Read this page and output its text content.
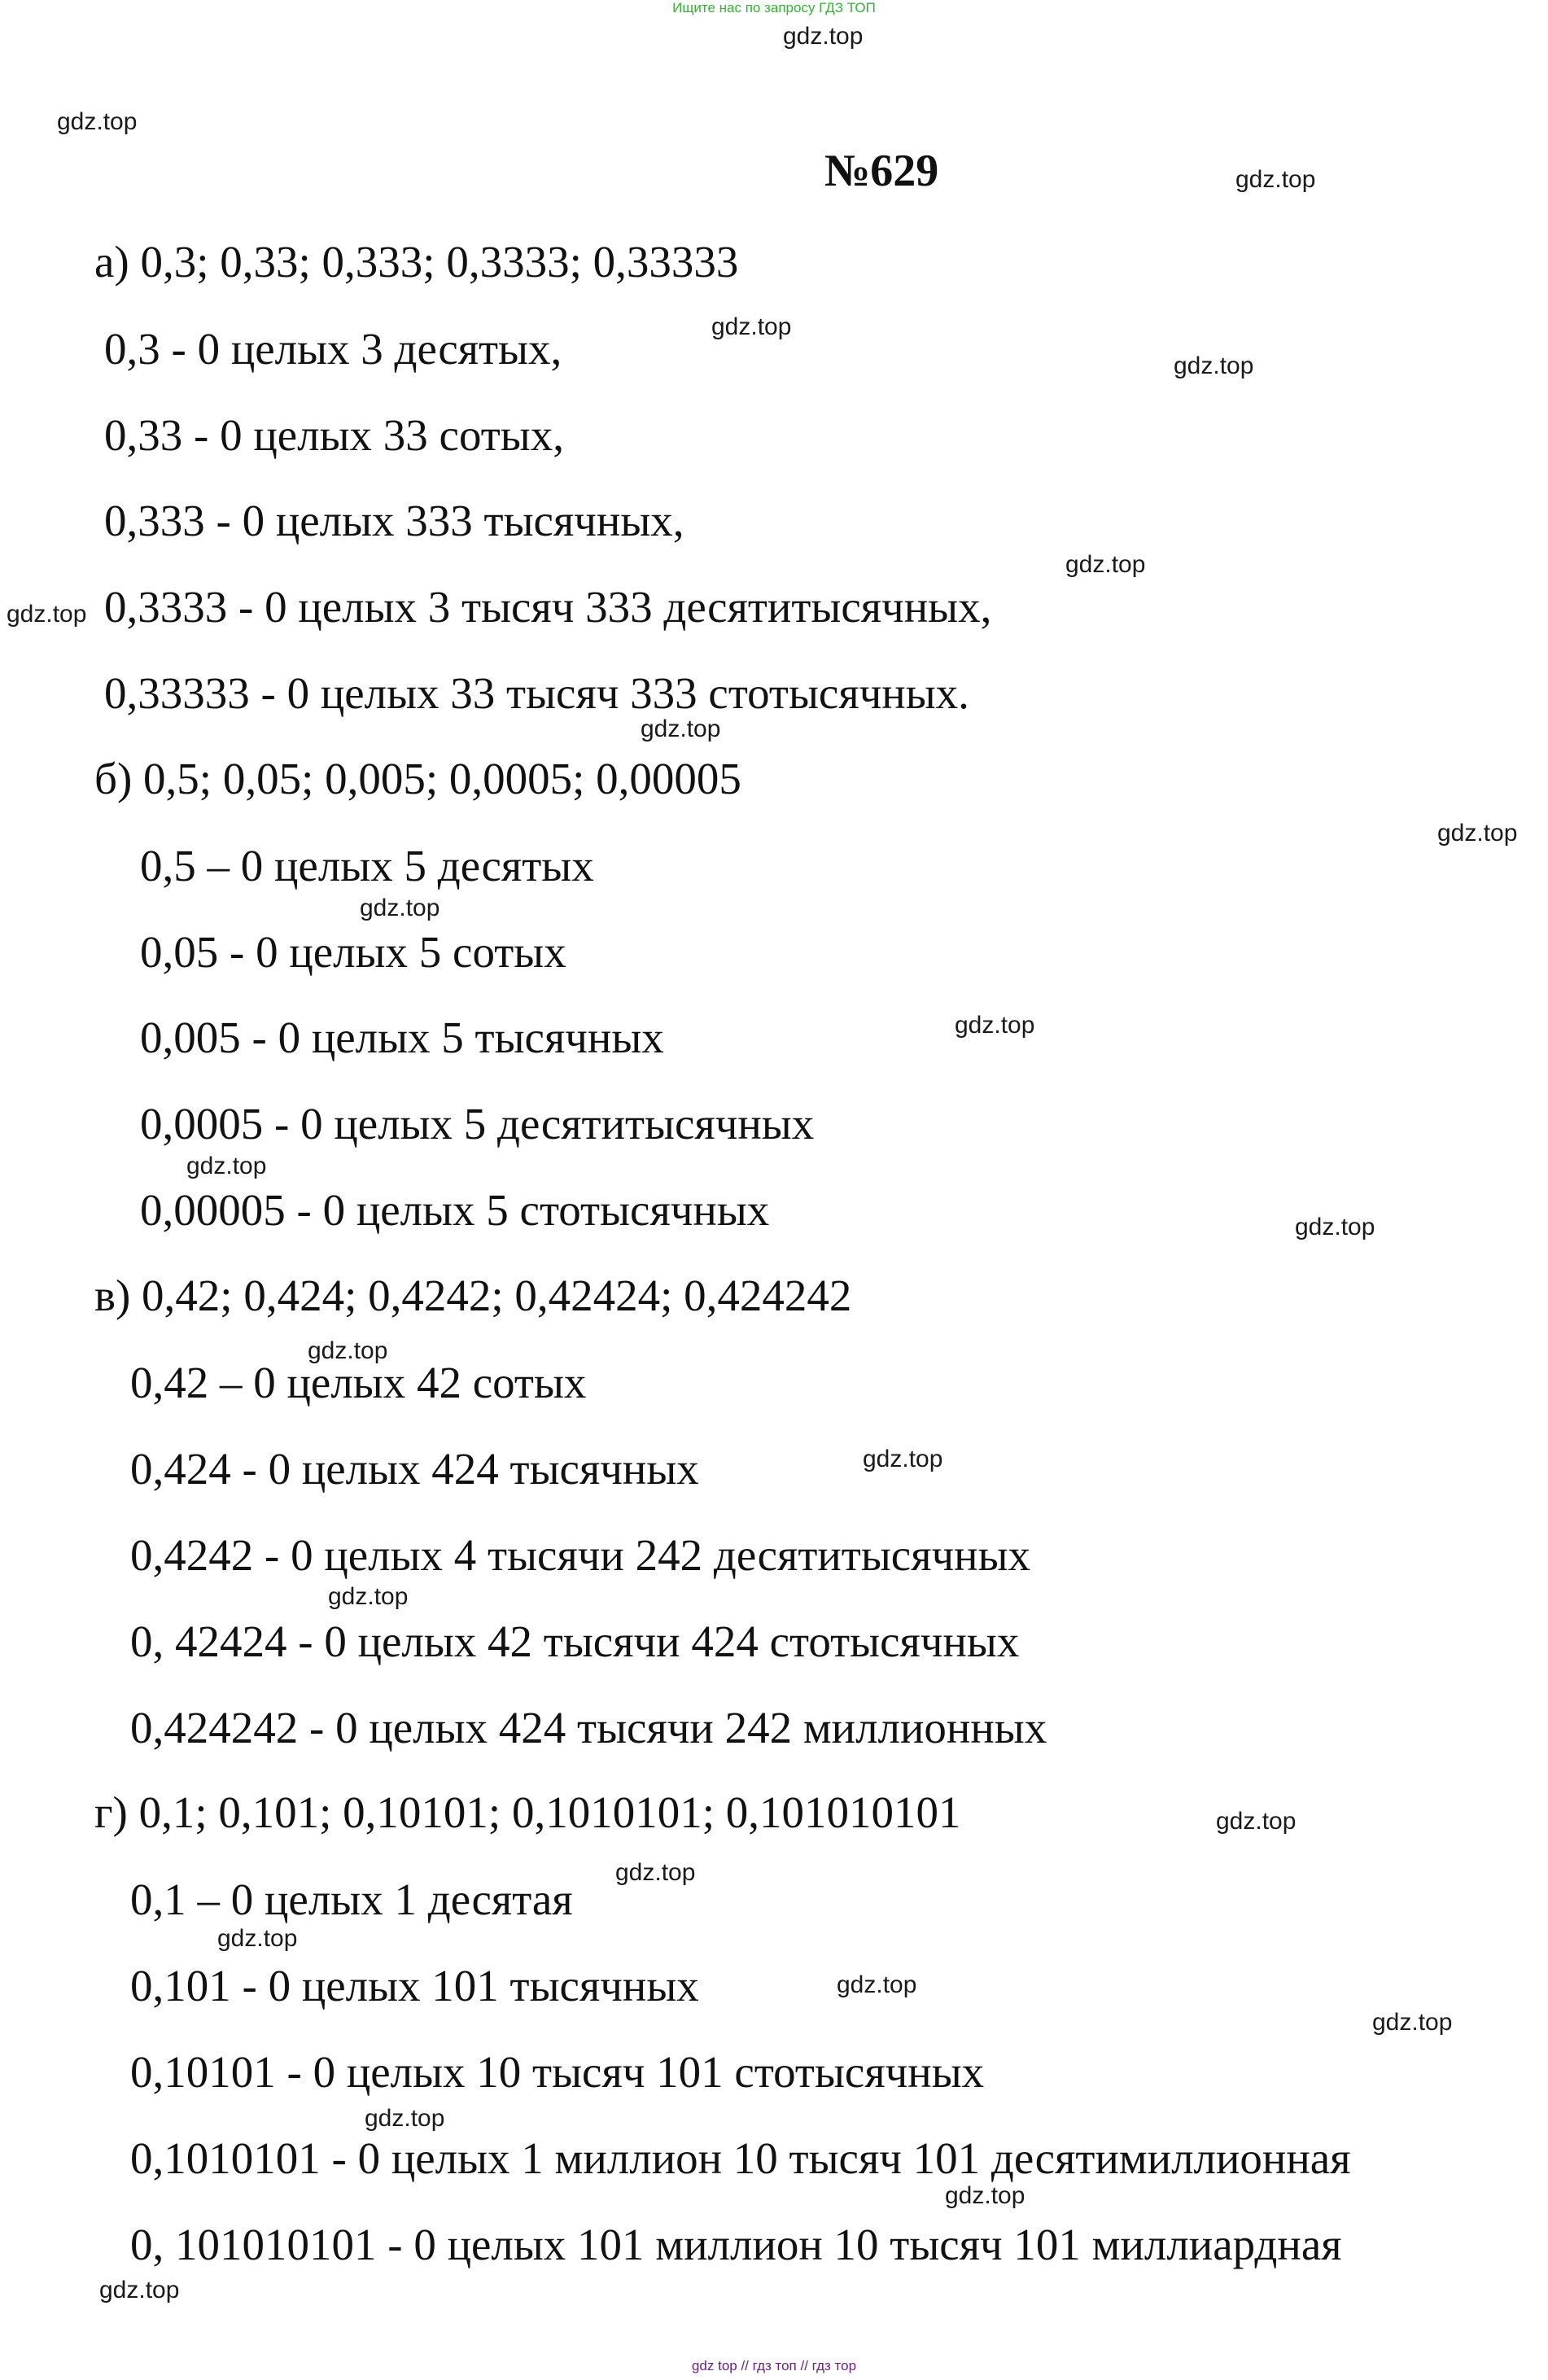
Ищите нас по запросу ГДЗ ТОП
№629
а) 0,3; 0,33; 0,333; 0,3333; 0,33333
0,3 - 0 целых 3 десятых,
0,33 - 0 целых 33 сотых,
0,333 - 0 целых 333 тысячных,
0,3333 - 0 целых 3 тысяч 333 десятитысячных,
0,33333 - 0 целых 33 тысяч 333 стотысячных.
б) 0,5; 0,05; 0,005; 0,0005; 0,00005
0,5 – 0 целых 5 десятых
0,05 - 0 целых 5 сотых
0,005 - 0 целых 5 тысячных
0,0005 - 0 целых 5 десятитысячных
0,00005 - 0 целых 5 стотысячных
в) 0,42; 0,424; 0,4242; 0,42424; 0,424242
0,42 – 0 целых 42 сотых
0,424 - 0 целых 424 тысячных
0,4242 - 0 целых 4 тысячи 242 десятитысячных
0, 42424 - 0 целых 42 тысячи 424 стотысячных
0,424242 - 0 целых 424 тысячи 242 миллионных
г) 0,1; 0,101; 0,10101; 0,1010101; 0,101010101
0,1 – 0 целых 1 десятая
0,101 - 0 целых 101 тысячных
0,10101 - 0 целых 10 тысяч 101 стотысячных
0,1010101 - 0 целых 1 миллион 10 тысяч 101 десятимиллионная
0, 101010101 - 0 целых 101 миллион 10 тысяч 101 миллиардная
gdz.top
gdz.top
gdz.top
gdz.top
gdz.top
gdz.top
gdz.top
gdz.top
gdz.top
gdz.top
gdz.top
gdz.top
gdz.top
gdz.top
gdz.top
gdz.top
gdz.top
gdz.top
gdz.top
gdz.top
gdz.top
gdz.top
gdz.top
gdz.top
gdz top // гдз топ // гдз тор
